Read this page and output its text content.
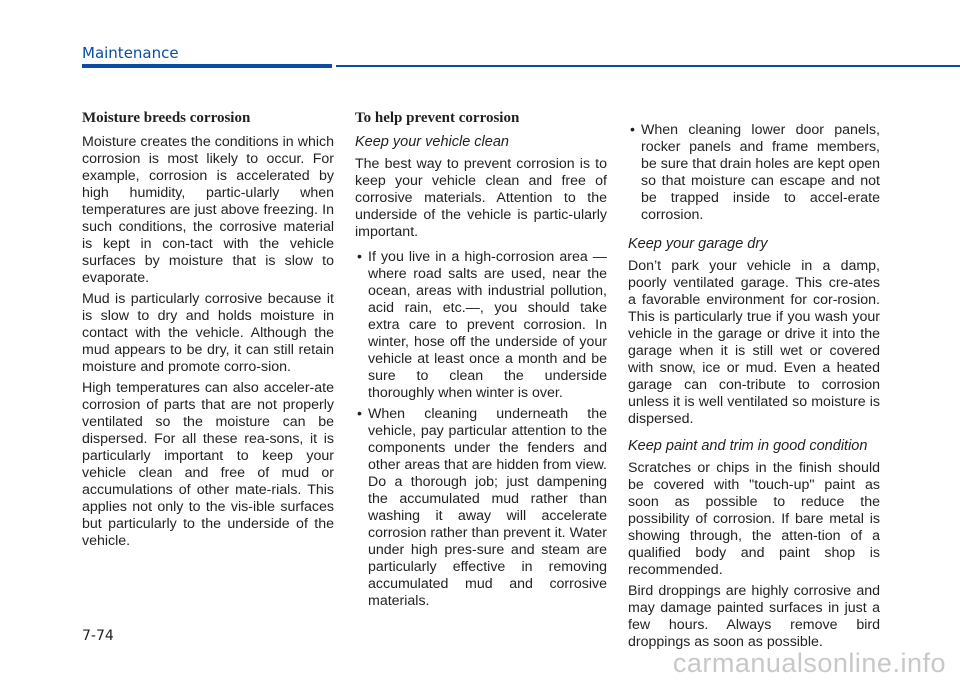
Maintenance
Moisture breeds corrosion

Moisture creates the conditions in which corrosion is most likely to occur. For example, corrosion is accelerated by high humidity, partic-ularly when temperatures are just above freezing. In such conditions, the corrosive material is kept in con-tact with the vehicle surfaces by moisture that is slow to evaporate.

Mud is particularly corrosive because it is slow to dry and holds moisture in contact with the vehicle. Although the mud appears to be dry, it can still retain moisture and promote corro-sion.

High temperatures can also acceler-ate corrosion of parts that are not properly ventilated so the moisture can be dispersed. For all these rea-sons, it is particularly important to keep your vehicle clean and free of mud or accumulations of other mate-rials. This applies not only to the vis-ible surfaces but particularly to the underside of the vehicle.

To help prevent corrosion
Keep your vehicle clean

The best way to prevent corrosion is to keep your vehicle clean and free of corrosive materials. Attention to the underside of the vehicle is partic-ularly important.

• If you live in a high-corrosion area — where road salts are used, near the ocean, areas with industrial pollution, acid rain, etc.—, you should take extra care to prevent corrosion. In winter, hose off the underside of your vehicle at least once a month and be sure to clean the underside thoroughly when winter is over.
• When cleaning underneath the vehicle, pay particular attention to the components under the fenders and other areas that are hidden from view. Do a thorough job; just dampening the accumulated mud rather than washing it away will accelerate corrosion rather than prevent it. Water under high pres-sure and steam are particularly effective in removing accumulated mud and corrosive materials.
• When cleaning lower door panels, rocker panels and frame members, be sure that drain holes are kept open so that moisture can escape and not be trapped inside to accel-erate corrosion.
Keep your garage dry

Don’t park your vehicle in a damp, poorly ventilated garage. This cre-ates a favorable environment for cor-rosion. This is particularly true if you wash your vehicle in the garage or drive it into the garage when it is still wet or covered with snow, ice or mud. Even a heated garage can con-tribute to corrosion unless it is well ventilated so moisture is dispersed.

Keep paint and trim in good condition

Scratches or chips in the finish should be covered with "touch-up" paint as soon as possible to reduce the possibility of corrosion. If bare metal is showing through, the atten-tion of a qualified body and paint shop is recommended.

Bird droppings are highly corrosive and may damage painted surfaces in just a few hours. Always remove bird droppings as soon as possible.

7-74
carmanualsonline.info
